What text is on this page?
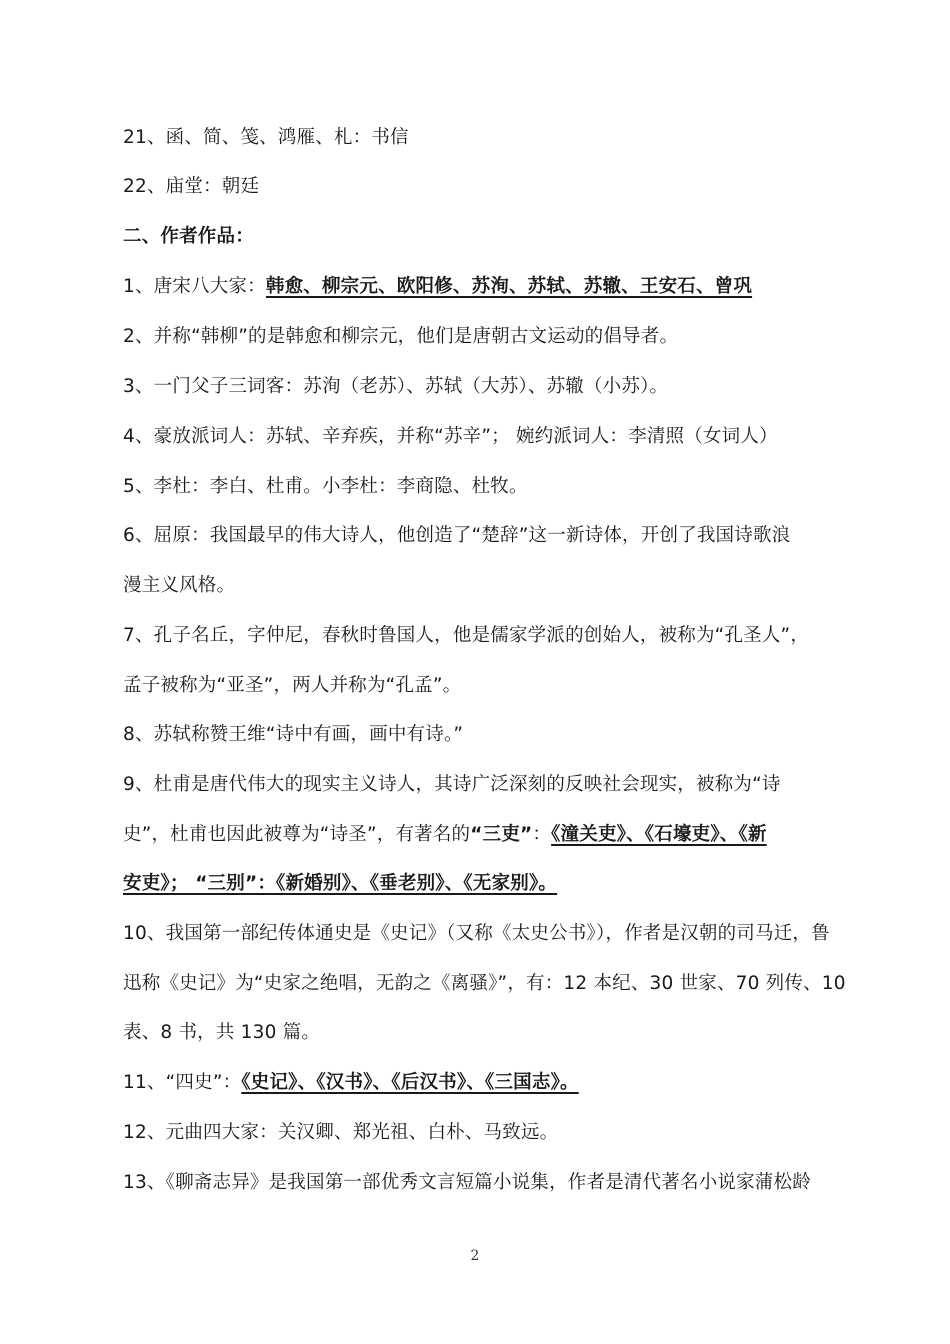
21、函、简、笺、鸿雁、札：书信
22、庙堂：朝廷
二、作者作品：
1、唐宋八大家：韩愈、柳宗元、欧阳修、苏洵、苏轼、苏辙、王安石、曾巩
2、并称“韩柳”的是韩愈和柳宗元，他们是唐朝古文运动的倡导者。
3、一门父子三词客：苏洵（老苏）、苏轼（大苏）、苏辙（小苏）。
4、豪放派词人：苏轼、辛弃疾，并称“苏辛”； 婉约派词人：李清照（女词人）
5、李杜：李白、杜甫。小李杜：李商隐、杜牧。
6、屈原：我国最早的伟大诗人，他创造了“楚辞”这一新诗体，开创了我国诗歌浪
漫主义风格。
7、孔子名丘，字仲尼，春秋时鲁国人，他是儒家学派的创始人，被称为“孔圣人”，
孟子被称为“亚圣”，两人并称为“孔孟”。
8、苏轼称赞王维“诗中有画，画中有诗。”
9、杜甫是唐代伟大的现实主义诗人，其诗广泛深刻的反映社会现实，被称为“诗
史”，杜甫也因此被尊为“诗圣”，有著名的“三吏”：《潼关吏》、《石壕吏》、《新
安吏》； “三别”：《新婚别》、《垂老别》、《无家别》。
10、我国第一部纪传体通史是《史记》（又称《太史公书》），作者是汉朝的司马迁，鲁
迅称《史记》为“史家之绝唱，无韵之《离骚》”，有：12 本纪、30 世家、70 列传、10
表、8 书，共 130 篇。
11、“四史”：《史记》、《汉书》、《后汉书》、《三国志》。
12、元曲四大家：关汉卿、郑光祖、白朴、马致远。
13、《聊斋志异》是我国第一部优秀文言短篇小说集，作者是清代著名小说家蒲松龄
2
